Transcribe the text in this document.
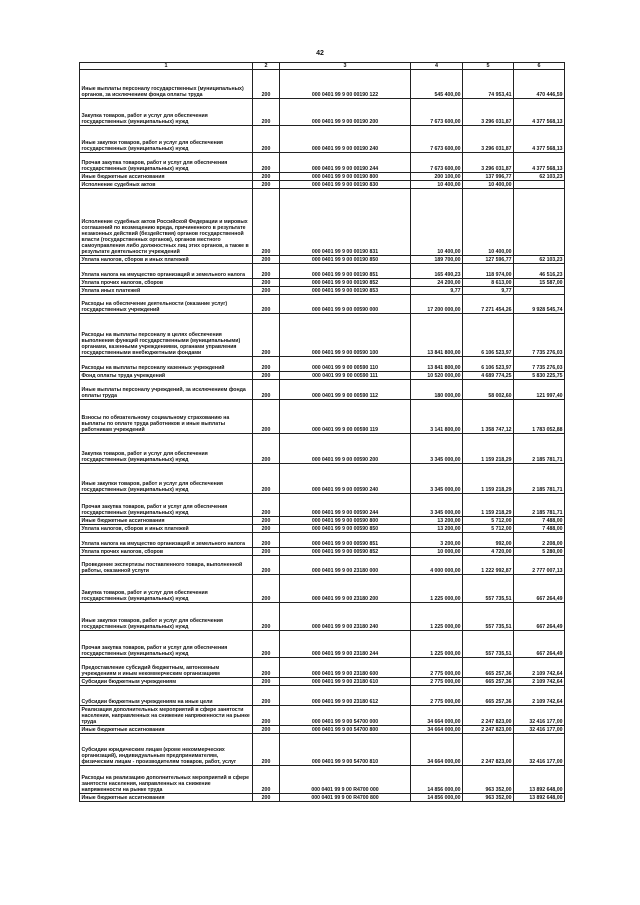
42
1	2	3	4	5	6
Иные выплаты персоналу государственных (муниципальных) органов, за исключением фонда оплаты труда	200	000 0401 99 9 00 00190 122	545 400,00	74 953,41	470 446,59
Закупка товаров, работ и услуг для обеспечения государственных (муниципальных) нужд	200	000 0401 99 9 00 00190 200	7 673 600,00	3 296 031,87	4 377 568,13
Иные закупки товаров, работ и услуг для обеспечения государственных (муниципальных) нужд	200	000 0401 99 9 00 00190 240	7 673 600,00	3 296 031,87	4 377 568,13
Прочая закупка товаров, работ и услуг для обеспечения государственных (муниципальных) нужд	200	000 0401 99 9 00 00190 244	7 673 600,00	3 296 031,87	4 377 568,13
Иные бюджетные ассигнования	200	000 0401 99 9 00 00190 800	200 100,00	137 996,77	62 103,23
Исполнение судебных актов	200	000 0401 99 9 00 00190 830	10 400,00	10 400,00	
Исполнение судебных актов Российской Федерации и мировых соглашений по возмещению вреда, причиненного в результате незаконных действий (бездействия) органов государственной власти (государственных органов), органов местного самоуправления либо должностных лиц этих органов, а также в результате деятельности учреждений	200	000 0401 99 9 00 00190 831	10 400,00	10 400,00	
Уплата налогов, сборов и иных платежей	200	000 0401 99 9 00 00190 850	189 700,00	127 596,77	62 103,23
Уплата налога на имущество организаций и земельного налога	200	000 0401 99 9 00 00190 851	165 490,23	118 974,00	46 516,23
Уплата прочих налогов, сборов	200	000 0401 99 9 00 00190 852	24 200,00	8 613,00	15 587,00
Уплата иных платежей	200	000 0401 99 9 00 00190 853	9,77	9,77	
Расходы на обеспечение деятельности (оказание услуг) государственных учреждений	200	000 0401 99 9 00 00590 000	17 200 000,00	7 271 454,26	9 928 545,74
Расходы на выплаты персоналу в целях обеспечения выполнения функций государственными (муниципальными) органами, казенными учреждениями, органами управления государственными внебюджетными фондами	200	000 0401 99 9 00 00590 100	13 841 800,00	6 106 523,97	7 735 276,03
Расходы на выплаты персоналу казенных учреждений	200	000 0401 99 9 00 00590 110	13 841 800,00	6 106 523,97	7 735 276,03
Фонд оплаты труда учреждений	200	000 0401 99 9 00 00590 111	10 520 000,00	4 689 774,25	5 830 225,75
Иные выплаты персоналу учреждений, за исключением фонда оплаты труда	200	000 0401 99 9 00 00590 112	180 000,00	58 002,60	121 997,40
Взносы по обязательному социальному страхованию на выплаты по оплате труда работников и иные выплаты работникам учреждений	200	000 0401 99 9 00 00590 119	3 141 800,00	1 358 747,12	1 783 052,88
Закупка товаров, работ и услуг для обеспечения государственных (муниципальных) нужд	200	000 0401 99 9 00 00590 200	3 345 000,00	1 159 218,29	2 185 781,71
Иные закупки товаров, работ и услуг для обеспечения государственных (муниципальных) нужд	200	000 0401 99 9 00 00590 240	3 345 000,00	1 159 218,29	2 185 781,71
Прочая закупка товаров, работ и услуг для обеспечения государственных (муниципальных) нужд	200	000 0401 99 9 00 00590 244	3 345 000,00	1 159 218,29	2 185 781,71
Иные бюджетные ассигнования	200	000 0401 99 9 00 00590 800	13 200,00	5 712,00	7 488,00
Уплата налогов, сборов и иных платежей	200	000 0401 99 9 00 00590 850	13 200,00	5 712,00	7 488,00
Уплата налога на имущество организаций и земельного налога	200	000 0401 99 9 00 00590 851	3 200,00	992,00	2 208,00
Уплата прочих налогов, сборов	200	000 0401 99 9 00 00590 852	10 000,00	4 720,00	5 280,00
Проведение экспертизы поставленного товара, выполненной работы, оказанной услуги	200	000 0401 99 9 00 23180 000	4 000 000,00	1 222 992,87	2 777 007,13
Закупка товаров, работ и услуг для обеспечения государственных (муниципальных) нужд	200	000 0401 99 9 00 23180 200	1 225 000,00	557 735,51	667 264,49
Иные закупки товаров, работ и услуг для обеспечения государственных (муниципальных) нужд	200	000 0401 99 9 00 23180 240	1 225 000,00	557 735,51	667 264,49
Прочая закупка товаров, работ и услуг для обеспечения государственных (муниципальных) нужд	200	000 0401 99 9 00 23180 244	1 225 000,00	557 735,51	667 264,49
Предоставление субсидий бюджетным, автономным учреждениям и иным некоммерческим организациям	200	000 0401 99 9 00 23180 600	2 775 000,00	665 257,36	2 109 742,64
Субсидии бюджетным учреждениям	200	000 0401 99 9 00 23180 610	2 775 000,00	665 257,36	2 109 742,64
Субсидии бюджетным учреждениям на иные цели	200	000 0401 99 9 00 23180 612	2 775 000,00	665 257,36	2 109 742,64
Реализация дополнительных мероприятий в сфере занятости населения, направленных на снижение напряженности на рынке труда	200	000 0401 99 9 00 54700 000	34 664 000,00	2 247 823,00	32 416 177,00
Иные бюджетные ассигнования	200	000 0401 99 9 00 54700 800	34 664 000,00	2 247 823,00	32 416 177,00
Субсидии юридическим лицам (кроме некоммерческих организаций), индивидуальным предпринимателям, физическим лицам - производителям товаров, работ, услуг	200	000 0401 99 9 00 54700 810	34 664 000,00	2 247 823,00	32 416 177,00
Расходы на реализацию дополнительных мероприятий в сфере занятости населения, направленных на снижение напряженности на рынке труда	200	000 0401 99 9 00 R4700 000	14 856 000,00	963 352,00	13 892 648,00
Иные бюджетные ассигнования	200	000 0401 99 9 00 R4700 800	14 856 000,00	963 352,00	13 892 648,00
